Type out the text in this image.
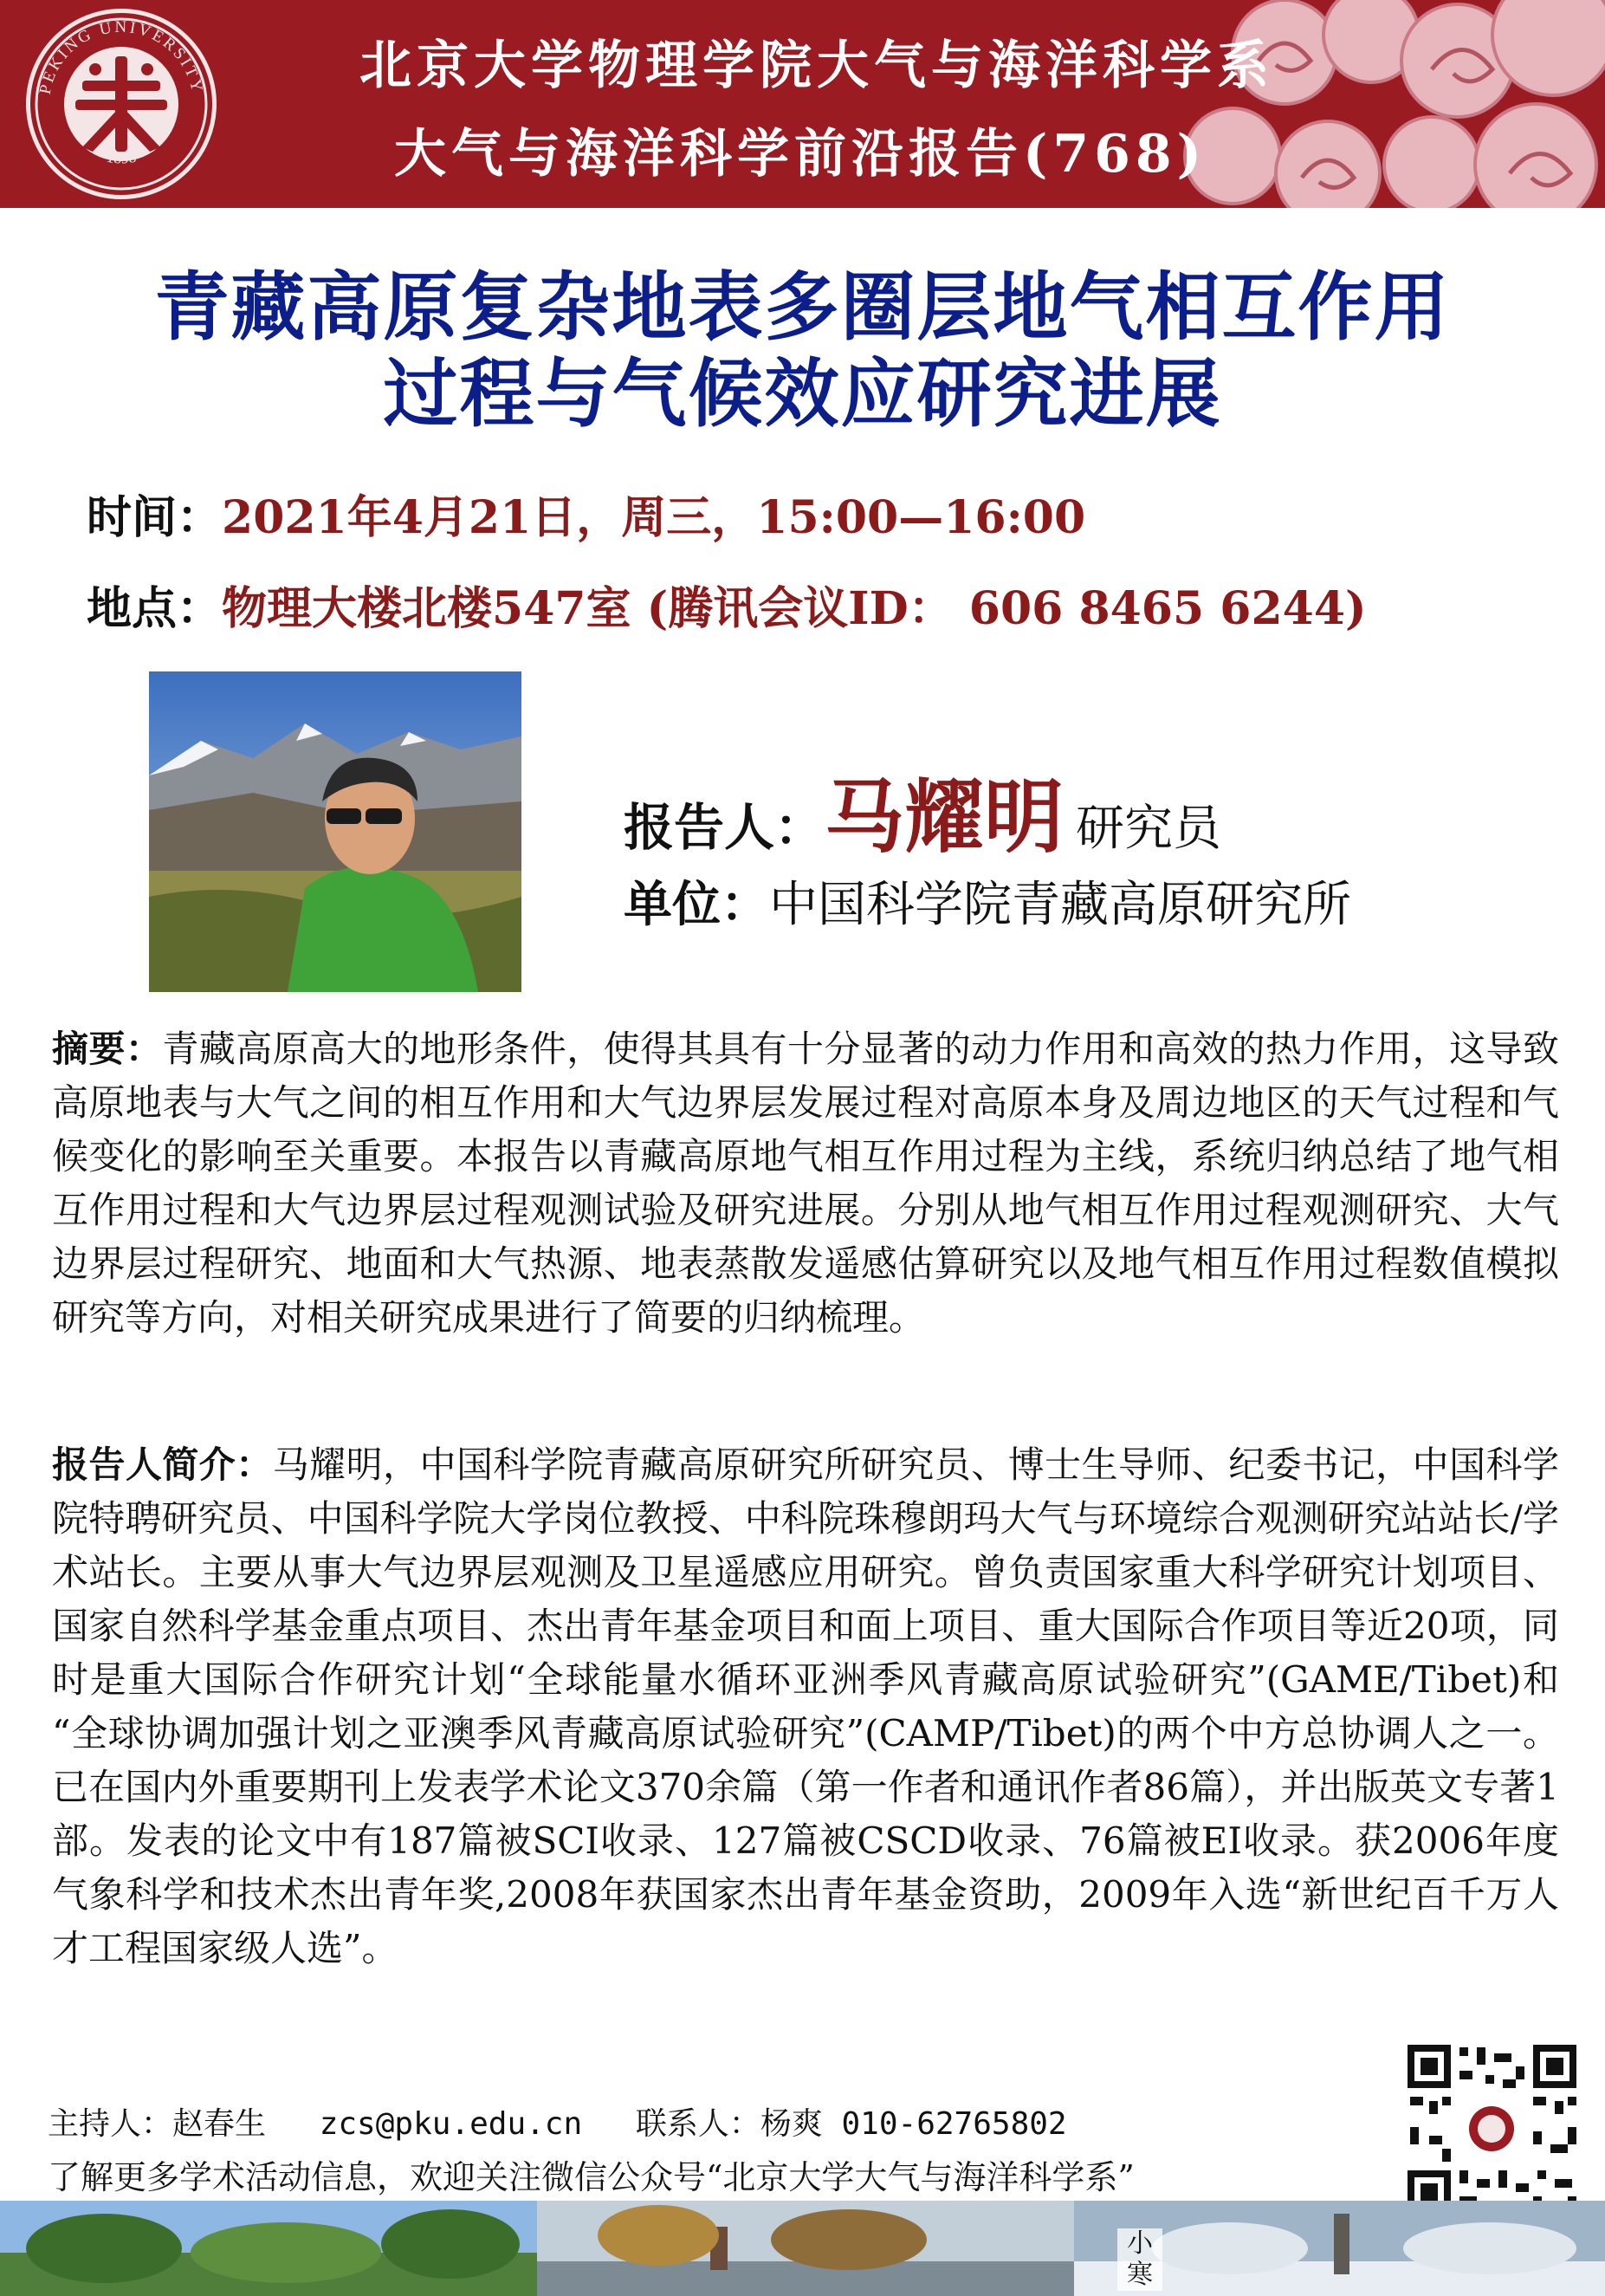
PEKING UNIVERSITY
1898
北京大学物理学院大气与海洋科学系
大气与海洋科学前沿报告(768)
青藏高原复杂地表多圈层地气相互作用
过程与气候效应研究进展
时间：2021年4月21日，周三，15:00—16:00
地点：物理大楼北楼547室 (腾讯会议ID： 606 8465 6244)
报告人：马耀明 研究员
单位：中国科学院青藏高原研究所
摘要：青藏高原高大的地形条件，使得其具有十分显著的动力作用和高效的热力作用，这导致高原地表与大气之间的相互作用和大气边界层发展过程对高原本身及周边地区的天气过程和气候变化的影响至关重要。本报告以青藏高原地气相互作用过程为主线，系统归纳总结了地气相互作用过程和大气边界层过程观测试验及研究进展。分别从地气相互作用过程观测研究、大气边界层过程研究、地面和大气热源、地表蒸散发遥感估算研究以及地气相互作用过程数值模拟研究等方向，对相关研究成果进行了简要的归纳梳理。
报告人简介：马耀明，中国科学院青藏高原研究所研究员、博士生导师、纪委书记，中国科学院特聘研究员、中国科学院大学岗位教授、中科院珠穆朗玛大气与环境综合观测研究站站长/学术站长。主要从事大气边界层观测及卫星遥感应用研究。曾负责国家重大科学研究计划项目、国家自然科学基金重点项目、杰出青年基金项目和面上项目、重大国际合作项目等近20项，同时是重大国际合作研究计划“全球能量水循环亚洲季风青藏高原试验研究”(GAME/Tibet)和 “全球协调加强计划之亚澳季风青藏高原试验研究”(CAMP/Tibet)的两个中方总协调人之一。已在国内外重要期刊上发表学术论文370余篇（第一作者和通讯作者86篇），并出版英文专著1部。发表的论文中有187篇被SCI收录、127篇被CSCD收录、76篇被EI收录。获2006年度气象科学和技术杰出青年奖,2008年获国家杰出青年基金资助，2009年入选“新世纪百千万人才工程国家级人选”。
主持人：赵春生 zcs@pku.edu.cn 联系人：杨爽 010-62765802
了解更多学术活动信息，欢迎关注微信公众号“北京大学大气与海洋科学系”
小寒
